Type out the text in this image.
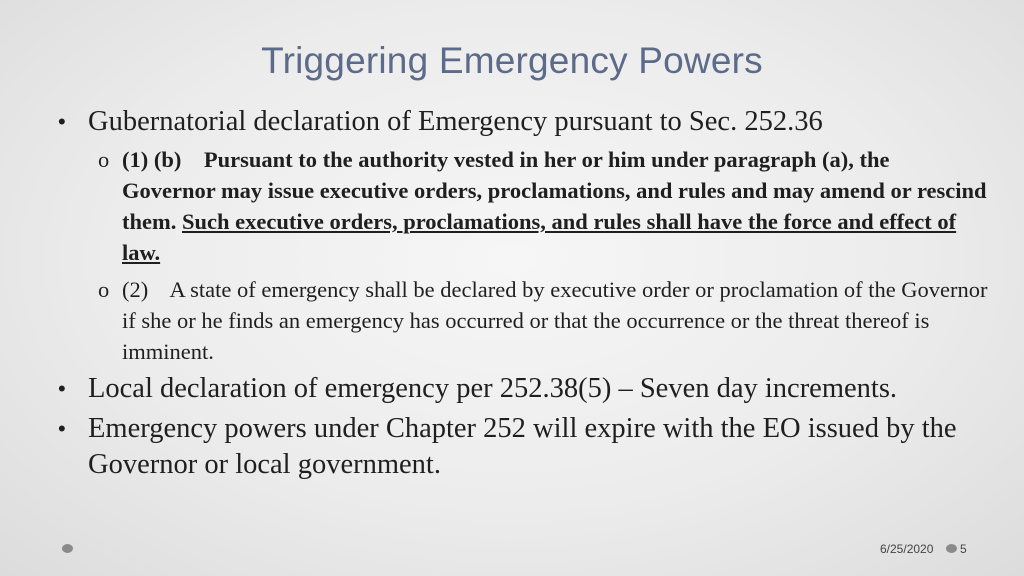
Triggering Emergency Powers
• Gubernatorial declaration of Emergency pursuant to Sec. 252.36
o (1) (b) Pursuant to the authority vested in her or him under paragraph (a), the Governor may issue executive orders, proclamations, and rules and may amend or rescind them. Such executive orders, proclamations, and rules shall have the force and effect of law.
o (2) A state of emergency shall be declared by executive order or proclamation of the Governor if she or he finds an emergency has occurred or that the occurrence or the threat thereof is imminent.
• Local declaration of emergency per 252.38(5) – Seven day increments.
• Emergency powers under Chapter 252 will expire with the EO issued by the Governor or local government.
6/25/2020 5
